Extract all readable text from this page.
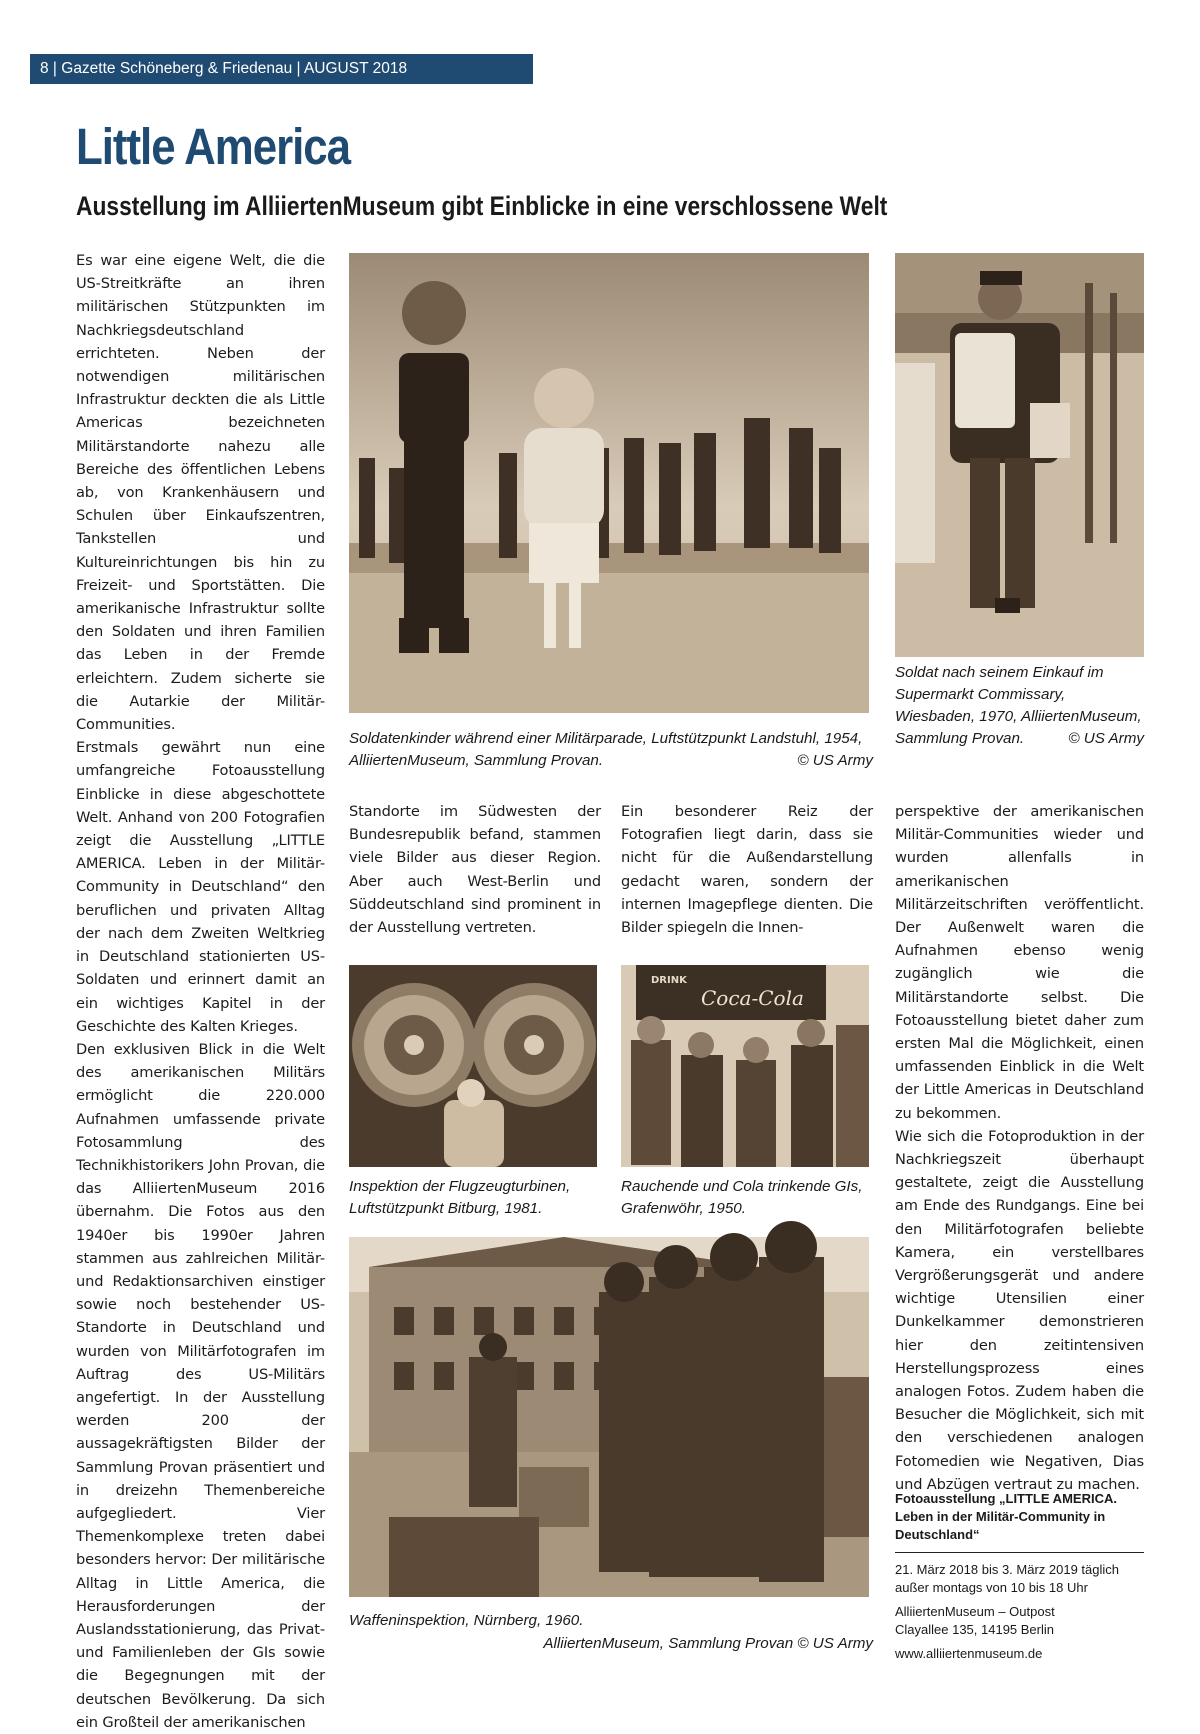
8 | Gazette Schöneberg & Friedenau | AUGUST 2018
Little America
Ausstellung im AlliiertenMuseum gibt Einblicke in eine verschlossene Welt

Es war eine eigene Welt, die die US-Streitkräfte an ihren militärischen Stützpunkten im Nachkriegsdeutschland errichteten. Neben der notwendigen militärischen Infrastruktur deckten die als Little Americas bezeichneten Militärstandorte nahezu alle Bereiche des öffentlichen Lebens ab, von Krankenhäusern und Schulen über Einkaufszentren, Tankstellen und Kultureinrichtungen bis hin zu Freizeit- und Sportstätten. Die amerikanische Infrastruktur sollte den Soldaten und ihren Familien das Leben in der Fremde erleichtern. Zudem sicherte sie die Autarkie der Militär-Communities.

Erstmals gewährt nun eine umfangreiche Fotoausstellung Einblicke in diese abgeschottete Welt. Anhand von 200 Fotografien zeigt die Ausstellung „LITTLE AMERICA. Leben in der Militär-Community in Deutschland“ den beruflichen und privaten Alltag der nach dem Zweiten Weltkrieg in Deutschland stationierten US-Soldaten und erinnert damit an ein wichtiges Kapitel in der Geschichte des Kalten Krieges.

Den exklusiven Blick in die Welt des amerikanischen Militärs ermöglicht die 220.000 Aufnahmen umfassende private Fotosammlung des Technikhistorikers John Provan, die das AlliiertenMuseum 2016 übernahm. Die Fotos aus den 1940er bis 1990er Jahren stammen aus zahlreichen Militär- und Redaktionsarchiven einstiger sowie noch bestehender US-Standorte in Deutschland und wurden von Militärfotografen im Auftrag des US-Militärs angefertigt. In der Ausstellung werden 200 der aussagekräftigsten Bilder der Sammlung Provan präsentiert und in dreizehn Themenbereiche aufgegliedert. Vier Themenkomplexe treten dabei besonders hervor: Der militärische Alltag in Little America, die Herausforderungen der Auslandsstationierung, das Privat- und Familienleben der GIs sowie die Begegnungen mit der deutschen Bevölkerung. Da sich ein Großteil der amerikanischen

Soldatenkinder während einer Militärparade, Luftstützpunkt Landstuhl, 1954, AlliiertenMuseum, Sammlung Provan.	© US Army
Soldat nach seinem Einkauf im Supermarkt Commissary, Wiesbaden, 1970, AlliiertenMuseum, Sammlung Provan.	© US Army

Standorte im Südwesten der Bundesrepublik befand, stammen viele Bilder aus dieser Region. Aber auch West-Berlin und Süddeutschland sind prominent in der Ausstellung vertreten.

Ein besonderer Reiz der Fotografien liegt darin, dass sie nicht für die Außendarstellung gedacht waren, sondern der internen Imagepflege dienten. Die Bilder spiegeln die Innen-

Inspektion der Flugzeugturbinen, Luftstützpunkt Bitburg, 1981.
DRINK
Coca-Cola
Rauchende und Cola trinkende GIs, Grafenwöhr, 1950.
Waffeninspektion, Nürnberg, 1960.
AlliiertenMuseum, Sammlung Provan © US Army

perspektive der amerikanischen Militär-Communities wieder und wurden allenfalls in amerikanischen Militärzeitschriften veröffentlicht. Der Außenwelt waren die Aufnahmen ebenso wenig zugänglich wie die Militärstandorte selbst. Die Fotoausstellung bietet daher zum ersten Mal die Möglichkeit, einen umfassenden Einblick in die Welt der Little Americas in Deutschland zu bekommen.

Wie sich die Fotoproduktion in der Nachkriegszeit überhaupt gestaltete, zeigt die Ausstellung am Ende des Rundgangs. Eine bei den Militärfotografen beliebte Kamera, ein verstellbares Vergrößerungsgerät und andere wichtige Utensilien einer Dunkelkammer demonstrieren hier den zeitintensiven Herstellungsprozess eines analogen Fotos. Zudem haben die Besucher die Möglichkeit, sich mit den verschiedenen analogen Fotomedien wie Negativen, Dias und Abzügen vertraut zu machen.

Fotoausstellung „LITTLE AMERICA. Leben in der Militär-Community in Deutschland“
21. März 2018 bis 3. März 2019 täglich außer montags von 10 bis 18 Uhr
AlliiertenMuseum – Outpost
Clayallee 135, 14195 Berlin
www.alliiertenmuseum.de
